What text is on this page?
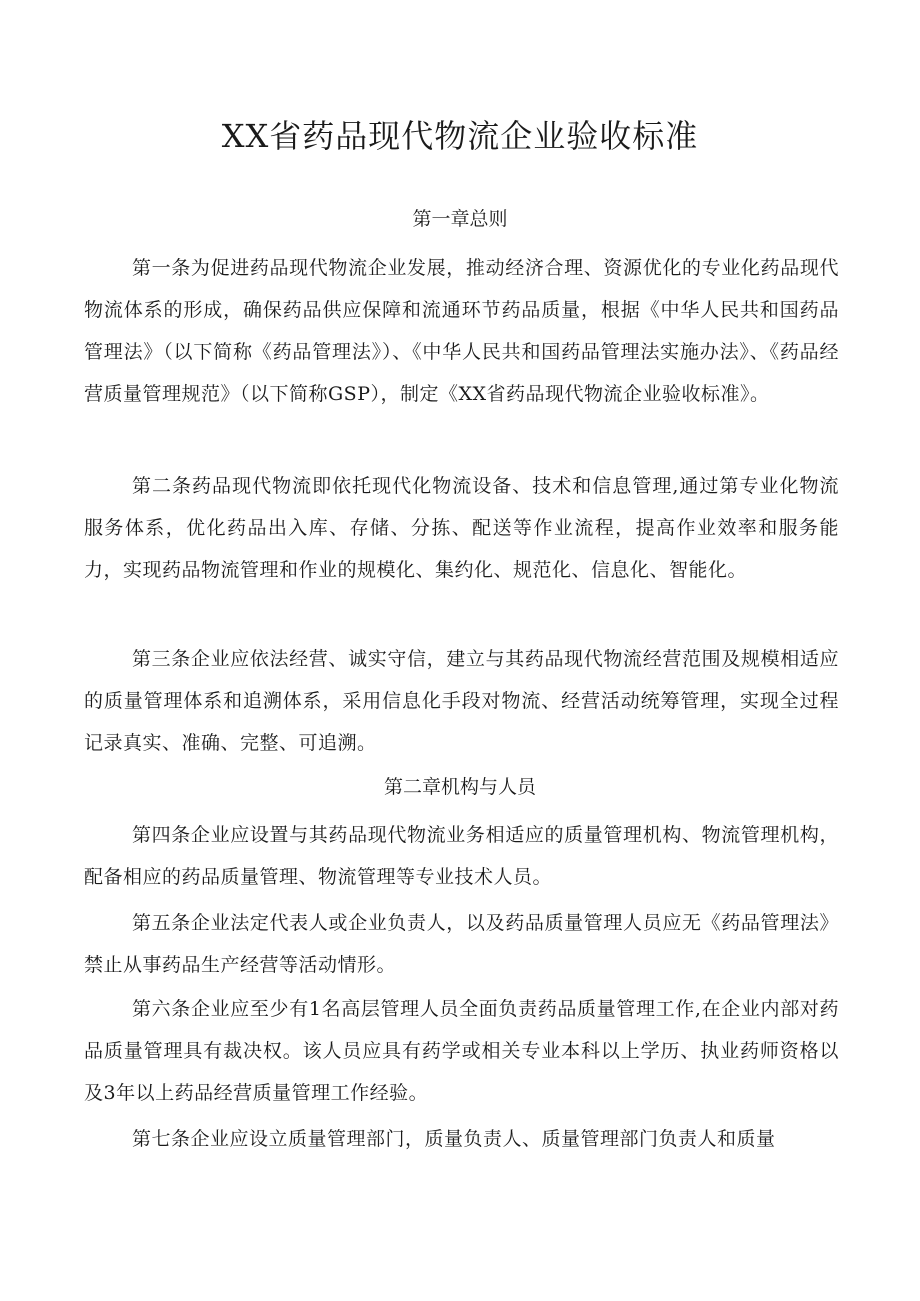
XX省药品现代物流企业验收标准
第一章总则

第一条为促进药品现代物流企业发展，推动经济合理、资源优化的专业化药品现代物流体系的形成，确保药品供应保障和流通环节药品质量，根据《中华人民共和国药品管理法》（以下简称《药品管理法》）、《中华人民共和国药品管理法实施办法》、《药品经营质量管理规范》（以下简称GSP），制定《XX省药品现代物流企业验收标准》。

第二条药品现代物流即依托现代化物流设备、技术和信息管理,通过第专业化物流服务体系，优化药品出入库、存储、分拣、配送等作业流程，提高作业效率和服务能力，实现药品物流管理和作业的规模化、集约化、规范化、信息化、智能化。

第三条企业应依法经营、诚实守信，建立与其药品现代物流经营范围及规模相适应的质量管理体系和追溯体系，采用信息化手段对物流、经营活动统筹管理，实现全过程记录真实、准确、完整、可追溯。

第二章机构与人员

第四条企业应设置与其药品现代物流业务相适应的质量管理机构、物流管理机构，配备相应的药品质量管理、物流管理等专业技术人员。

第五条企业法定代表人或企业负责人，以及药品质量管理人员应无《药品管理法》禁止从事药品生产经营等活动情形。

第六条企业应至少有1名高层管理人员全面负责药品质量管理工作,在企业内部对药品质量管理具有裁决权。该人员应具有药学或相关专业本科以上学历、执业药师资格以及3年以上药品经营质量管理工作经验。

第七条企业应设立质量管理部门，质量负责人、质量管理部门负责人和质量
